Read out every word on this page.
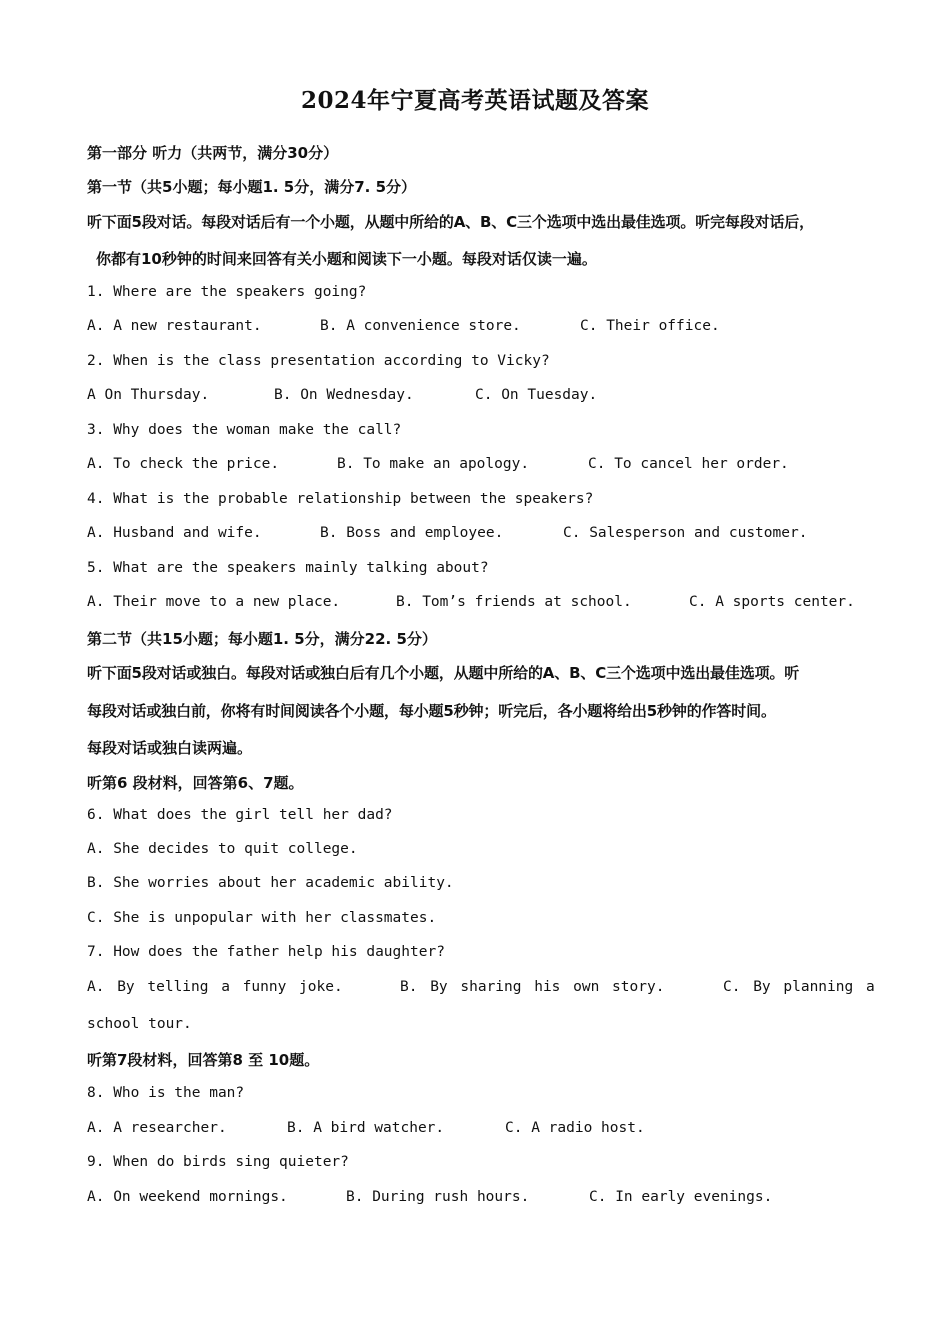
2024年宁夏高考英语试题及答案
第一部分 听力（共两节，满分30分）
第一节（共5小题；每小题1. 5分，满分7. 5分）
听下面5段对话。每段对话后有一个小题，从题中所给的A、B、C三个选项中选出最佳选项。听完每段对话后，
你都有10秒钟的时间来回答有关小题和阅读下一小题。每段对话仅读一遍。
1. Where are the speakers going?
A. A new restaurant.	B. A convenience store.	C. Their office.
2. When is the class presentation according to Vicky?
A On Thursday.	B. On Wednesday.	C. On Tuesday.
3. Why does the woman make the call?
A. To check the price.	B. To make an apology.	C. To cancel her order.
4. What is the probable relationship between the speakers?
A. Husband and wife.	B. Boss and employee.	C. Salesperson and customer.
5. What are the speakers mainly talking about?
A. Their move to a new place.	B. Tom’s friends at school.	C. A sports center.
第二节（共15小题；每小题1. 5分，满分22. 5分）
听下面5段对话或独白。每段对话或独白后有几个小题，从题中所给的A、B、C三个选项中选出最佳选项。听
每段对话或独白前，你将有时间阅读各个小题，每小题5秒钟；听完后，各小题将给出5秒钟的作答时间。
每段对话或独白读两遍。
听第6 段材料，回答第6、7题。
6. What does the girl tell her dad?
A. She decides to quit college.
B. She worries about her academic ability.
C. She is unpopular with her classmates.
7. How does the father help his daughter?
A. By telling a funny joke.	B. By sharing his own story.	C. By planning a
school tour.
听第7段材料，回答第8 至 10题。
8. Who is the man?
A. A researcher.	B. A bird watcher.	C. A radio host.
9. When do birds sing quieter?
A. On weekend mornings.	B. During rush hours.	C. In early evenings.
